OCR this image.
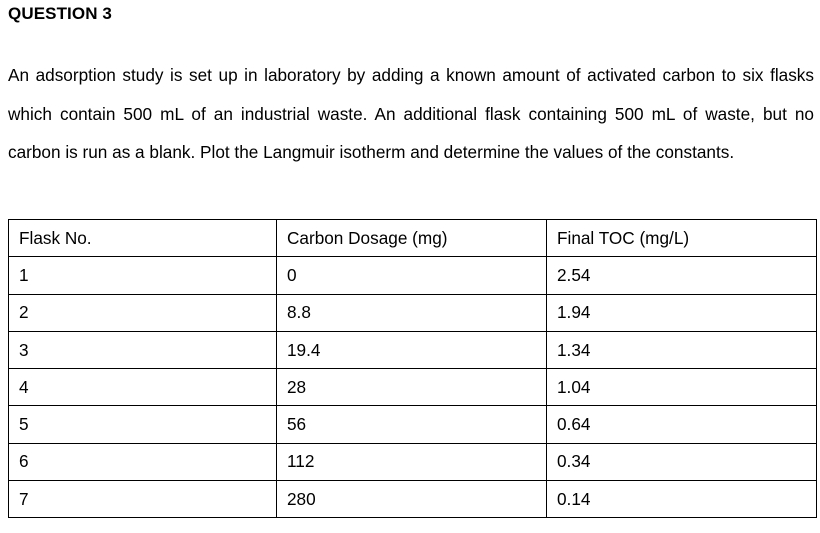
QUESTION 3
An adsorption study is set up in laboratory by adding a known amount of activated carbon to six flasks which contain 500 mL of an industrial waste. An additional flask containing 500 mL of waste, but no carbon is run as a blank. Plot the Langmuir isotherm and determine the values of the constants.
Flask No.	Carbon Dosage (mg)	Final TOC (mg/L)
1	0	2.54
2	8.8	1.94
3	19.4	1.34
4	28	1.04
5	56	0.64
6	112	0.34
7	280	0.14
